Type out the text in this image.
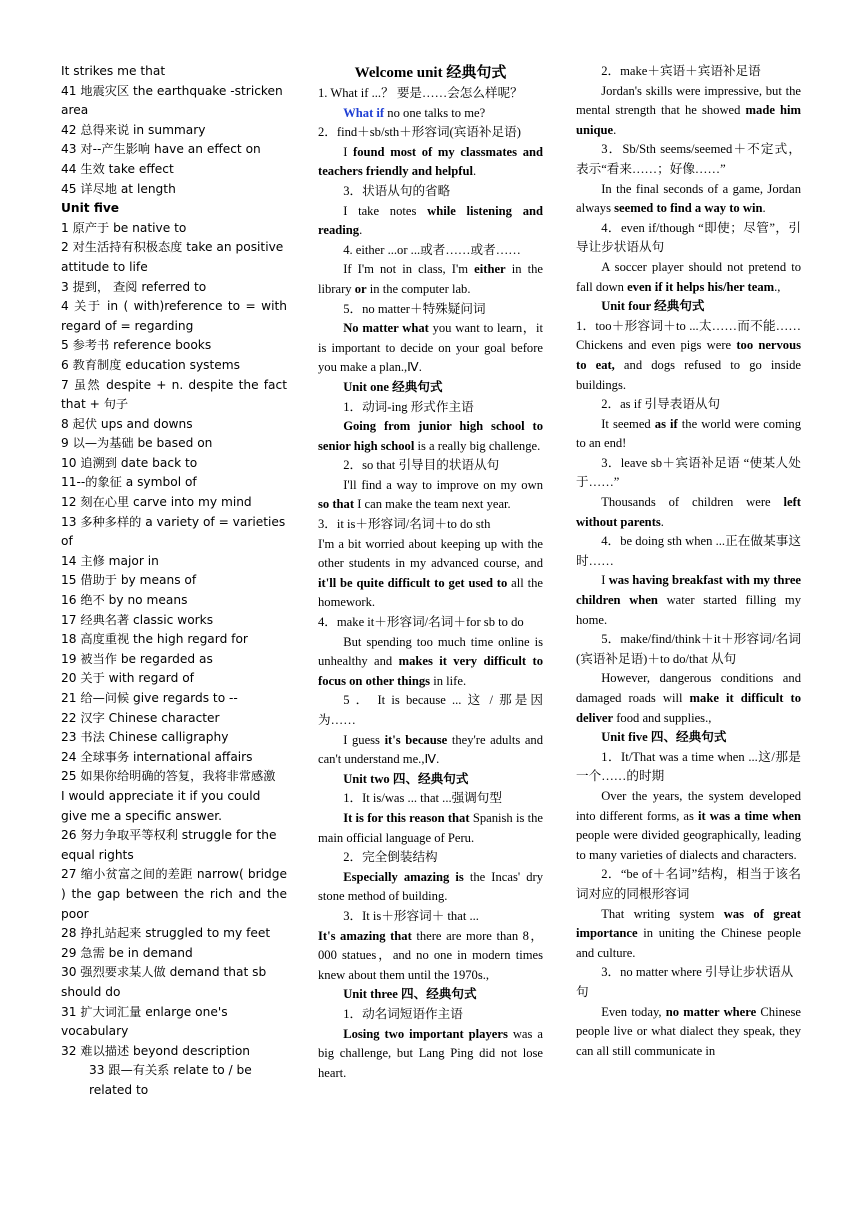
It strikes me that
41 地震灾区 the earthquake -stricken area
42 总得来说 in summary
43 对--产生影响 have an effect on
44 生效 take effect
45 详尽地 at length
Unit five
1 原产于 be native to
2 对生活持有积极态度 take an positive attitude to life
3 提到， 查阅 referred to
4 关于 in ( with)reference to = with regard of = regarding
5 参考书 reference books
6 教育制度 education systems
7 虽然 despite + n. despite the fact that + 句子
8 起伏 ups and downs
9 以—为基础 be based on
10 追溯到 date back to
11--的象征 a symbol of
12 刻在心里 carve into my mind
13 多种多样的 a variety of = varieties of
14 主修 major in
15 借助于 by means of
16 绝不 by no means
17 经典名著 classic works
18 高度重视 the high regard for
19 被当作 be regarded as
20 关于 with regard of
21 给—问候 give regards to --
22 汉字 Chinese character
23 书法 Chinese calligraphy
24 全球事务 international affairs
25 如果你给明确的答复，我将非常感激
I would appreciate it if you could give me a specific answer.
26 努力争取平等权利 struggle for the equal rights
27 缩小贫富之间的差距 narrow( bridge ) the gap between the rich and the poor
28 挣扎站起来 struggled to my feet
29 急需 be in demand
30 强烈要求某人做 demand that sb should do
31 扩大词汇量 enlarge one's vocabulary
32 难以描述 beyond description
33 跟—有关系 relate to / be related to
Welcome unit 经典句式
1. What if ...？ 要是……会怎么样呢？
What if no one talks to me?
2．find＋sb/sth＋形容词(宾语补足语)
I found most of my classmates and teachers friendly and helpful.
3．状语从句的省略
I take notes while listening and reading.
4. either ...or ...或者……或者……
If I'm not in class, I'm either in the library or in the computer lab.
5．no matter＋特殊疑问词
No matter what you want to learn，it is important to decide on your goal before you make a plan.,Ⅳ.
Unit one 经典句式
1．动词-ing 形式作主语
Going from junior high school to senior high school is a really big challenge.
2．so that 引导目的状语从句
I'll find a way to improve on my own so that I can make the team next year.
3．it is＋形容词/名词＋to do sth
I'm a bit worried about keeping up with the other students in my advanced course, and it'll be quite difficult to get used to all the homework.
4．make it＋形容词/名词＋for sb to do
But spending too much time online is unhealthy and makes it very difficult to focus on other things in life.
5 ． It is because ... 这 / 那是因为……
I guess it's because they're adults and can't understand me.,Ⅳ.
Unit two 四、经典句式
1．It is/was ... that ...强调句型
It is for this reason that Spanish is the main official language of Peru.
2．完全倒装结构
Especially amazing is the Incas' dry stone method of building.
3．It is＋形容词＋ that ...
It's amazing that there are more than 8，000 statues，and no one in modern times knew about them until the 1970s.,
Unit three 四、经典句式
1．动名词短语作主语
Losing two important players was a big challenge, but Lang Ping did not lose heart.
2．make＋宾语＋宾语补足语
Jordan's skills were impressive, but the mental strength that he showed made him unique.
3．Sb/Sth seems/seemed＋不定式，表示“看来……；好像……”
In the final seconds of a game, Jordan always seemed to find a way to win.
4．even if/though “即使；尽管”，引导让步状语从句
A soccer player should not pretend to fall down even if it helps his/her team.,
Unit four 经典句式
1．too＋形容词＋to ...太……而不能……Chickens and even pigs were too nervous to eat, and dogs refused to go inside buildings.
2．as if 引导表语从句
It seemed as if the world were coming to an end!
3．leave sb＋宾语补足语 “使某人处于……”
Thousands of children were left without parents.
4．be doing sth when ...正在做某事这时……
I was having breakfast with my three children when water started filling my home.
5．make/find/think＋it＋形容词/名词(宾语补足语)＋to do/that 从句
However, dangerous conditions and damaged roads will make it difficult to deliver food and supplies.,
Unit five 四、经典句式
1．It/That was a time when ...这/那是一个……的时期
Over the years, the system developed into different forms, as it was a time when people were divided geographically, leading to many varieties of dialects and characters.
2．“be of＋名词”结构，相当于该名词对应的同根形容词
That writing system was of great importance in uniting the Chinese people and culture.
3．no matter where 引导让步状语从句
Even today, no matter where Chinese people live or what dialect they speak, they can all still communicate in
